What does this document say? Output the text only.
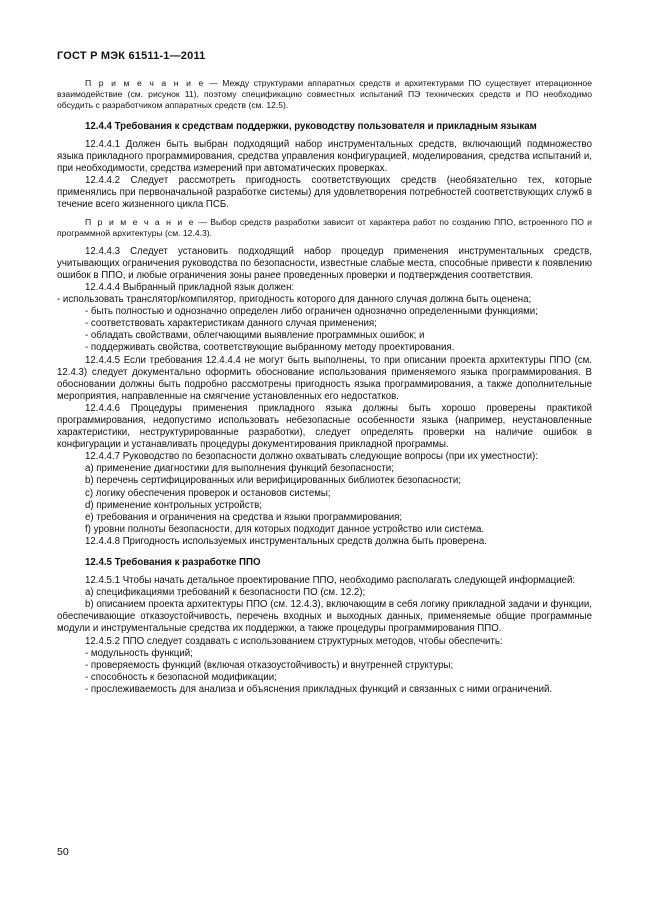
ГОСТ Р МЭК 61511-1—2011

П р и м е ч а н и е — Между структурами аппаратных средств и архитектурами ПО существует итерационное взаимодействие (см. рисунок 11), поэтому спецификацию совместных испытаний ПЭ технических средств и ПО необходимо обсудить с разработчиком аппаратных средств (см. 12.5).

12.4.4 Требования к средствам поддержки, руководству пользователя и прикладным языкам

12.4.4.1 Должен быть выбран подходящий набор инструментальных средств, включающий подмножество языка прикладного программирования, средства управления конфигурацией, моделирования, средства испытаний и, при необходимости, средства измерений при автоматических проверках.

12.4.4.2 Следует рассмотреть пригодность соответствующих средств (необязательно тех, которые применялись при первоначальной разработке системы) для удовлетворения потребностей соответствующих служб в течение всего жизненного цикла ПСБ.

П р и м е ч а н и е — Выбор средств разработки зависит от характера работ по созданию ППО, встроенного ПО и программной архитектуры (см. 12.4.3).

12.4.4.3 Следует установить подходящий набор процедур применения инструментальных средств, учитывающих ограничения руководства по безопасности, известные слабые места, способные привести к появлению ошибок в ППО, и любые ограничения зоны ранее проведенных проверки и подтверждения соответствия.

12.4.4.4 Выбранный прикладной язык должен:

- использовать транслятор/компилятор, пригодность которого для данного случая должна быть оценена;

- быть полностью и однозначно определен либо ограничен однозначно определенными функциями;

- соответствовать характеристикам данного случая применения;

- обладать свойствами, облегчающими выявление программных ошибок; и

- поддерживать свойства, соответствующие выбранному методу проектирования.

12.4.4.5 Если требования 12.4.4.4 не могут быть выполнены, то при описании проекта архитектуры ППО (см. 12.4.3) следует документально оформить обоснование использования применяемого языка программирования. В обосновании должны быть подробно рассмотрены пригодность языка программирования, а также дополнительные мероприятия, направленные на смягчение установленных его недостатков.

12.4.4.6 Процедуры применения прикладного языка должны быть хорошо проверены практикой программирования, недопустимо использовать небезопасные особенности языка (например, неустановленные характеристики, неструктурированные разработки), следует определять проверки на наличие ошибок в конфигурации и устанавливать процедуры документирования прикладной программы.

12.4.4.7 Руководство по безопасности должно охватывать следующие вопросы (при их уместности):

a) применение диагностики для выполнения функций безопасности;

b) перечень сертифицированных или верифицированных библиотек безопасности;

c) логику обеспечения проверок и остановов системы;

d) применение контрольных устройств;

e) требования и ограничения на средства и языки программирования;

f) уровни полноты безопасности, для которых подходит данное устройство или система.

12.4.4.8 Пригодность используемых инструментальных средств должна быть проверена.

12.4.5 Требования к разработке ППО

12.4.5.1 Чтобы начать детальное проектирование ППО, необходимо располагать следующей информацией:

a) спецификациями требований к безопасности ПО (см. 12.2);

b) описанием проекта архитектуры ППО (см. 12.4.3), включающим в себя логику прикладной задачи и функции, обеспечивающие отказоустойчивость, перечень входных и выходных данных, применяемые общие программные модули и инструментальные средства их поддержки, а также процедуры программирования ППО.

12.4.5.2 ППО следует создавать с использованием структурных методов, чтобы обеспечить:

- модульность функций;

- проверяемость функций (включая отказоустойчивость) и внутренней структуры;

- способность к безопасной модификации;

- прослеживаемость для анализа и объяснения прикладных функций и связанных с ними ограничений.

50
